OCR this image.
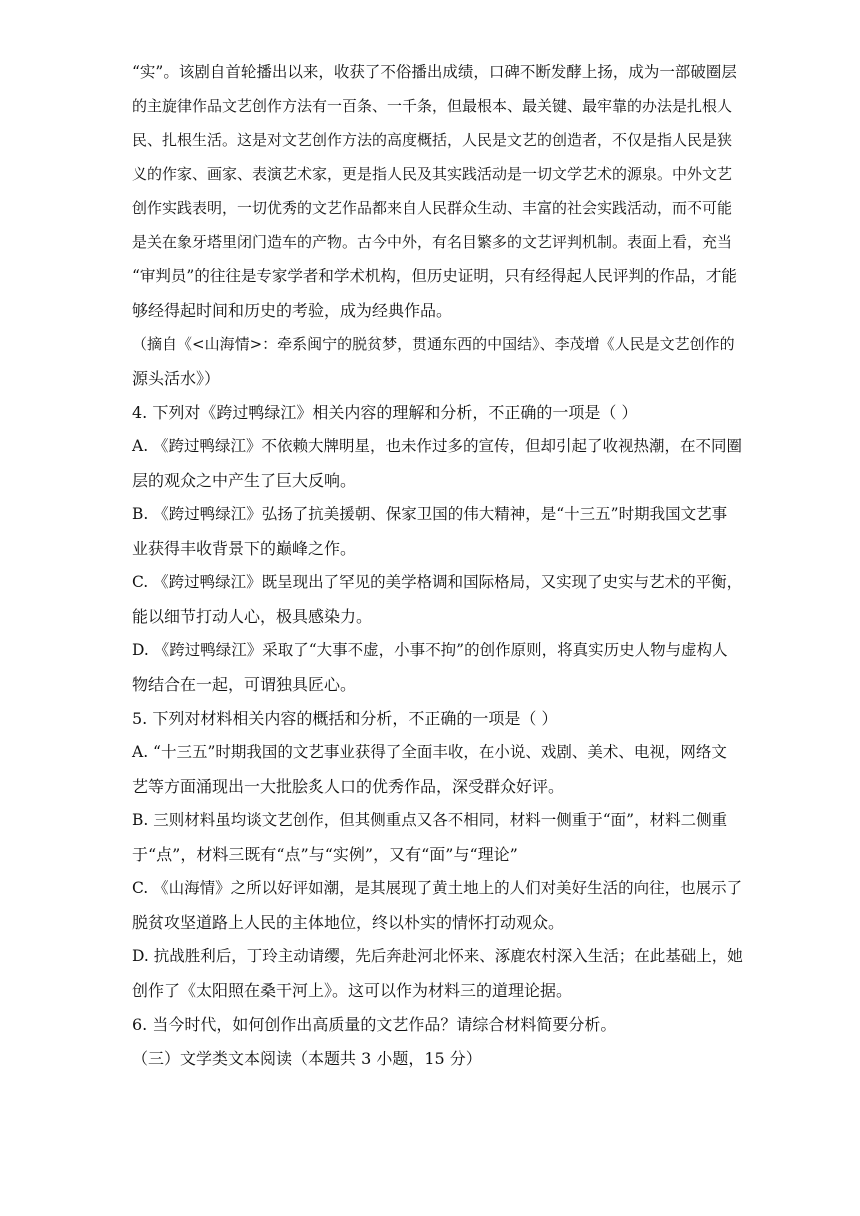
“实”。该剧自首轮播出以来，收获了不俗播出成绩，口碑不断发酵上扬，成为一部破圈层
的主旋律作品文艺创作方法有一百条、一千条，但最根本、最关键、最牢靠的办法是扎根人
民、扎根生活。这是对文艺创作方法的高度概括，人民是文艺的创造者，不仅是指人民是狭
义的作家、画家、表演艺术家，更是指人民及其实践活动是一切文学艺术的源泉。中外文艺
创作实践表明，一切优秀的文艺作品都来自人民群众生动、丰富的社会实践活动，而不可能
是关在象牙塔里闭门造车的产物。古今中外，有名目繁多的文艺评判机制。表面上看，充当
“审判员”的往往是专家学者和学术机构，但历史证明，只有经得起人民评判的作品，才能
够经得起时间和历史的考验，成为经典作品。
（摘自《<山海情>：牵系闽宁的脱贫梦，贯通东西的中国结》、李茂增《人民是文艺创作的
源头活水》）
4. 下列对《跨过鸭绿江》相关内容的理解和分析，不正确的一项是（ ）
A. 《跨过鸭绿江》不依赖大牌明星，也未作过多的宣传，但却引起了收视热潮，在不同圈
层的观众之中产生了巨大反响。
B. 《跨过鸭绿江》弘扬了抗美援朝、保家卫国的伟大精神，是“十三五”时期我国文艺事
业获得丰收背景下的巅峰之作。
C. 《跨过鸭绿江》既呈现出了罕见的美学格调和国际格局，又实现了史实与艺术的平衡，
能以细节打动人心，极具感染力。
D. 《跨过鸭绿江》采取了“大事不虚，小事不拘”的创作原则，将真实历史人物与虚构人
物结合在一起，可谓独具匠心。
5. 下列对材料相关内容的概括和分析，不正确的一项是（ ）
A. “十三五”时期我国的文艺事业获得了全面丰收，在小说、戏剧、美术、电视，网络文
艺等方面涌现出一大批脍炙人口的优秀作品，深受群众好评。
B. 三则材料虽均谈文艺创作，但其侧重点又各不相同，材料一侧重于“面”，材料二侧重
于“点”，材料三既有“点”与“实例”，又有“面”与“理论”
C. 《山海情》之所以好评如潮，是其展现了黄土地上的人们对美好生活的向往，也展示了
脱贫攻坚道路上人民的主体地位，终以朴实的情怀打动观众。
D. 抗战胜利后，丁玲主动请缨，先后奔赴河北怀来、涿鹿农村深入生活；在此基础上，她
创作了《太阳照在桑干河上》。这可以作为材料三的道理论据。
6. 当今时代，如何创作出高质量的文艺作品？请综合材料简要分析。
（三）文学类文本阅读（本题共 3 小题，15 分）
